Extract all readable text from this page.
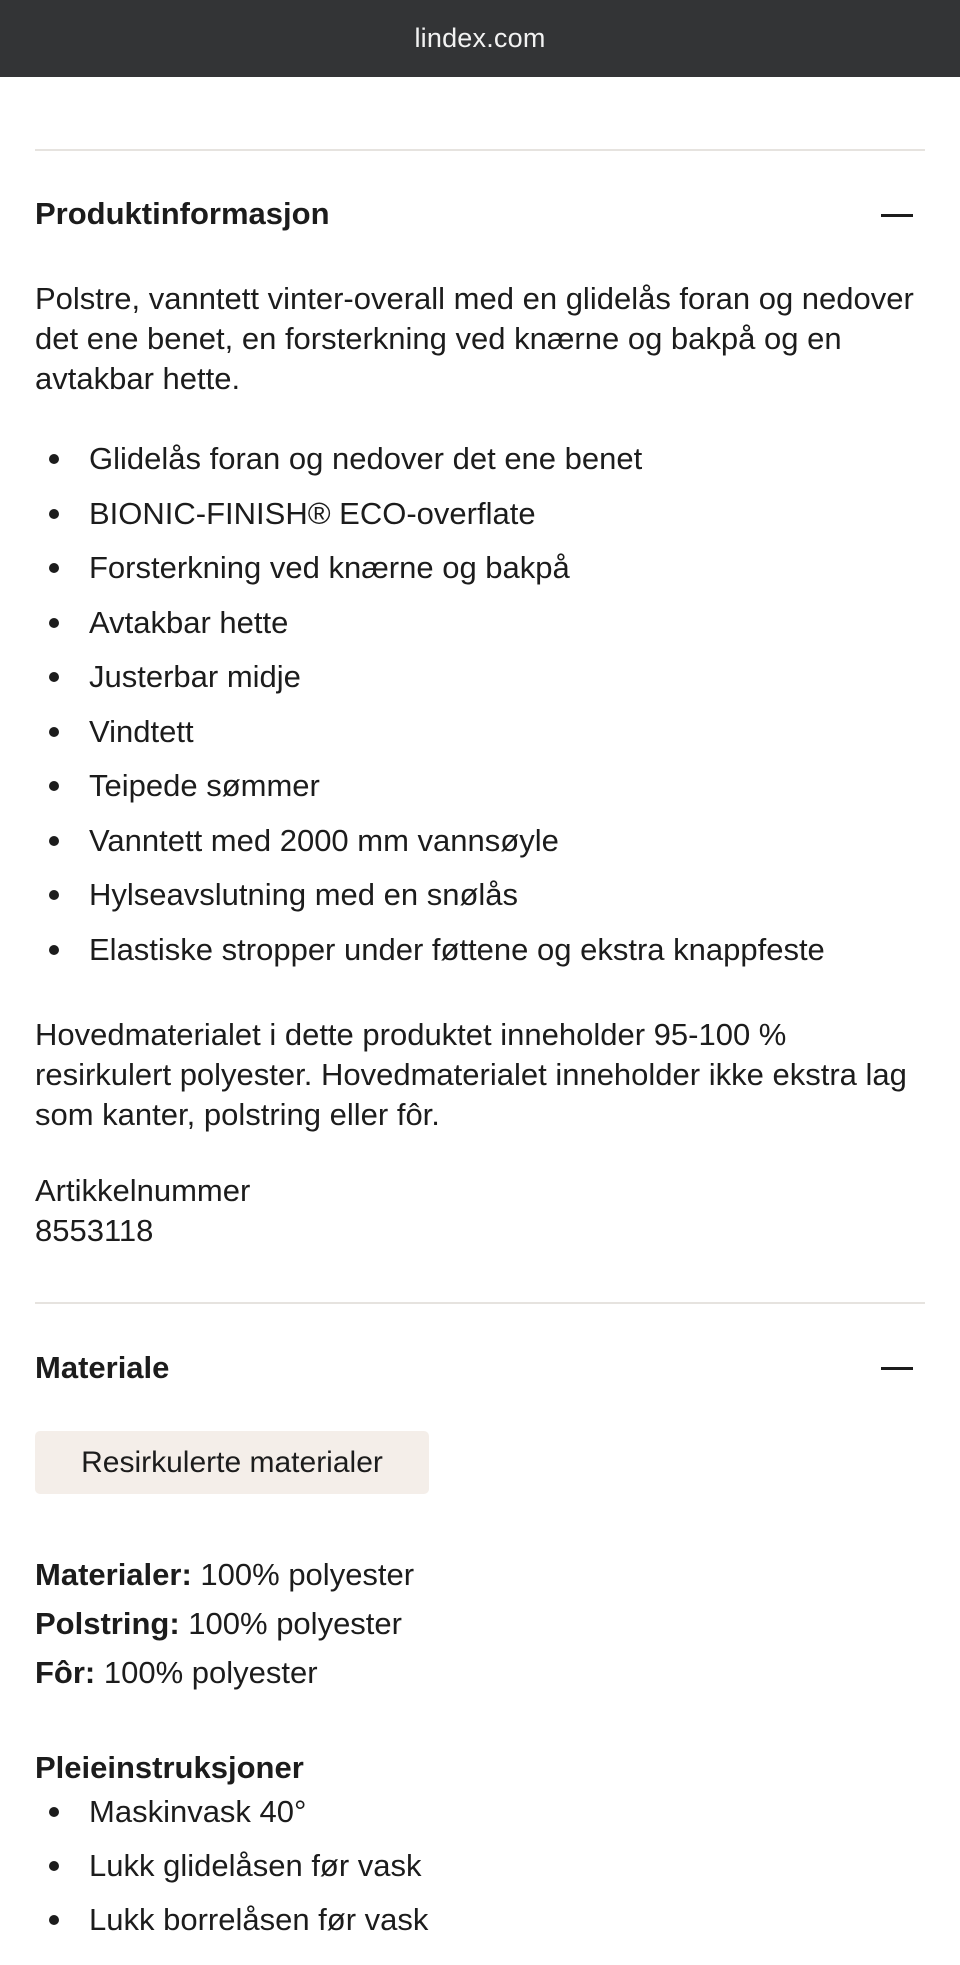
lindex.com
Produktinformasjon

Polstre, vanntett vinter-overall med en glidelås foran og nedover det ene benet, en forsterkning ved knærne og bakpå og en avtakbar hette.

Glidelås foran og nedover det ene benet
BIONIC-FINISH® ECO-overflate
Forsterkning ved knærne og bakpå
Avtakbar hette
Justerbar midje
Vindtett
Teipede sømmer
Vanntett med 2000 mm vannsøyle
Hylseavslutning med en snølås
Elastiske stropper under føttene og ekstra knappfeste

Hovedmaterialet i dette produktet inneholder 95-100 % resirkulert polyester. Hovedmaterialet inneholder ikke ekstra lag som kanter, polstring eller fôr.

Artikkelnummer
8553118
Materiale
Resirkulerte materialer
Materialer: 100% polyester
Polstring: 100% polyester
Fôr: 100% polyester
Pleieinstruksjoner
Maskinvask 40°
Lukk glidelåsen før vask
Lukk borrelåsen før vask
